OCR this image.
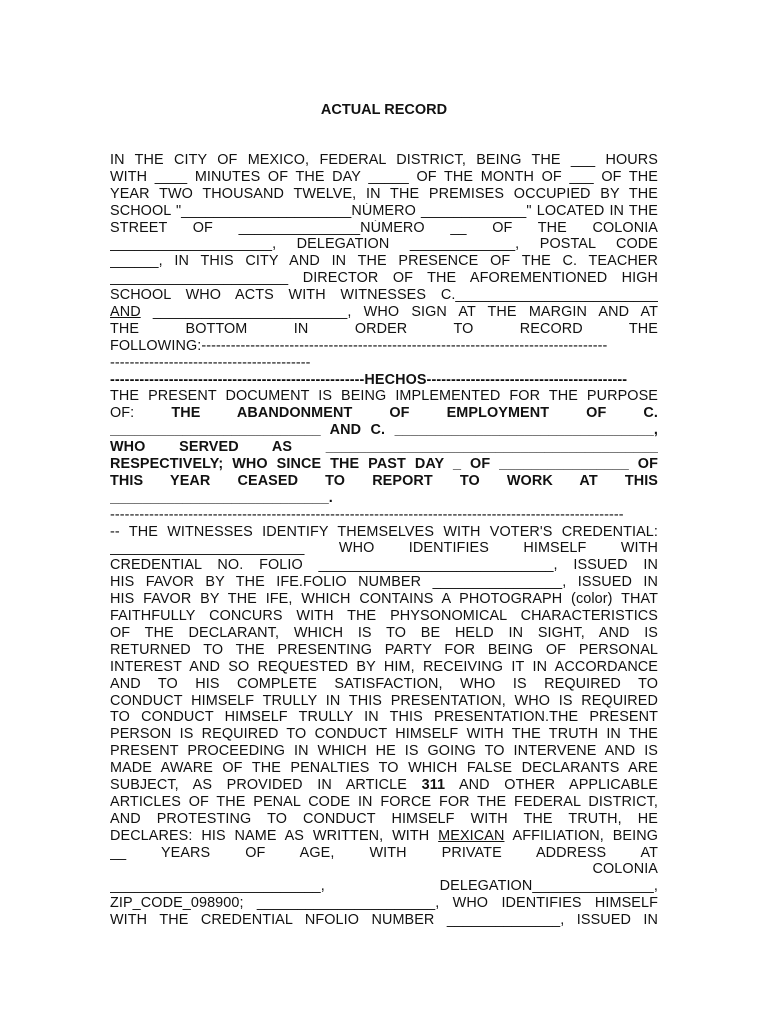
ACTUAL RECORD
IN THE CITY OF MEXICO, FEDERAL DISTRICT, BEING THE ___ HOURS
WITH ____ MINUTES OF THE DAY _____ OF THE MONTH OF ___ OF THE
YEAR TWO THOUSAND TWELVE, IN THE PREMISES OCCUPIED BY THE
SCHOOL "_____________________NÚMERO _____________" LOCATED IN THE
STREET OF _______________NÚMERO __ OF THE COLONIA
____________________, DELEGATION _____________, POSTAL CODE
______, IN THIS CITY AND IN THE PRESENCE OF THE C. TEACHER
______________________ DIRECTOR OF THE AFOREMENTIONED HIGH
SCHOOL WHO ACTS WITH WITNESSES C._________________________
AND ________________________, WHO SIGN AT THE MARGIN AND AT
THE BOTTOM IN ORDER TO RECORD THE
FOLLOWING:-----------------------------------------------------------------------------------
-----------------------------------------
----------------------------------------------------HECHOS-----------------------------------------
THE PRESENT DOCUMENT IS BEING IMPLEMENTED FOR THE PURPOSE
OF: THE ABANDONMENT OF EMPLOYMENT OF C.
__________________________ AND C. ________________________________,
WHO SERVED AS _________________________________________
RESPECTIVELY; WHO SINCE THE PAST DAY _ OF ________________ OF
THIS YEAR CEASED TO REPORT TO WORK AT THIS
___________________________.
---------------------------------------------------------------------------------------------------------
-- THE WITNESSES IDENTIFY THEMSELVES WITH VOTER'S CREDENTIAL:
________________________ WHO IDENTIFIES HIMSELF WITH
CREDENTIAL NO. FOLIO _____________________________, ISSUED IN
HIS FAVOR BY THE IFE.FOLIO NUMBER ________________, ISSUED IN
HIS FAVOR BY THE IFE, WHICH CONTAINS A PHOTOGRAPH (color) THAT
FAITHFULLY CONCURS WITH THE PHYSONOMICAL CHARACTERISTICS
OF THE DECLARANT, WHICH IS TO BE HELD IN SIGHT, AND IS
RETURNED TO THE PRESENTING PARTY FOR BEING OF PERSONAL
INTEREST AND SO REQUESTED BY HIM, RECEIVING IT IN ACCORDANCE
AND TO HIS COMPLETE SATISFACTION, WHO IS REQUIRED TO
CONDUCT HIMSELF TRULLY IN THIS PRESENTATION, WHO IS REQUIRED
TO CONDUCT HIMSELF TRULLY IN THIS PRESENTATION.THE PRESENT
PERSON IS REQUIRED TO CONDUCT HIMSELF WITH THE TRUTH IN THE
PRESENT PROCEEDING IN WHICH HE IS GOING TO INTERVENE AND IS
MADE AWARE OF THE PENALTIES TO WHICH FALSE DECLARANTS ARE
SUBJECT, AS PROVIDED IN ARTICLE 311 AND OTHER APPLICABLE
ARTICLES OF THE PENAL CODE IN FORCE FOR THE FEDERAL DISTRICT,
AND PROTESTING TO CONDUCT HIMSELF WITH THE TRUTH, HE
DECLARES: HIS NAME AS WRITTEN, WITH MEXICAN AFFILIATION, BEING
__ YEARS OF AGE, WITH PRIVATE ADDRESS AT
COLONIA
__________________________, DELEGATION_______________,
ZIP_CODE_098900; ______________________, WHO IDENTIFIES HIMSELF
WITH THE CREDENTIAL NFOLIO NUMBER ______________, ISSUED IN
